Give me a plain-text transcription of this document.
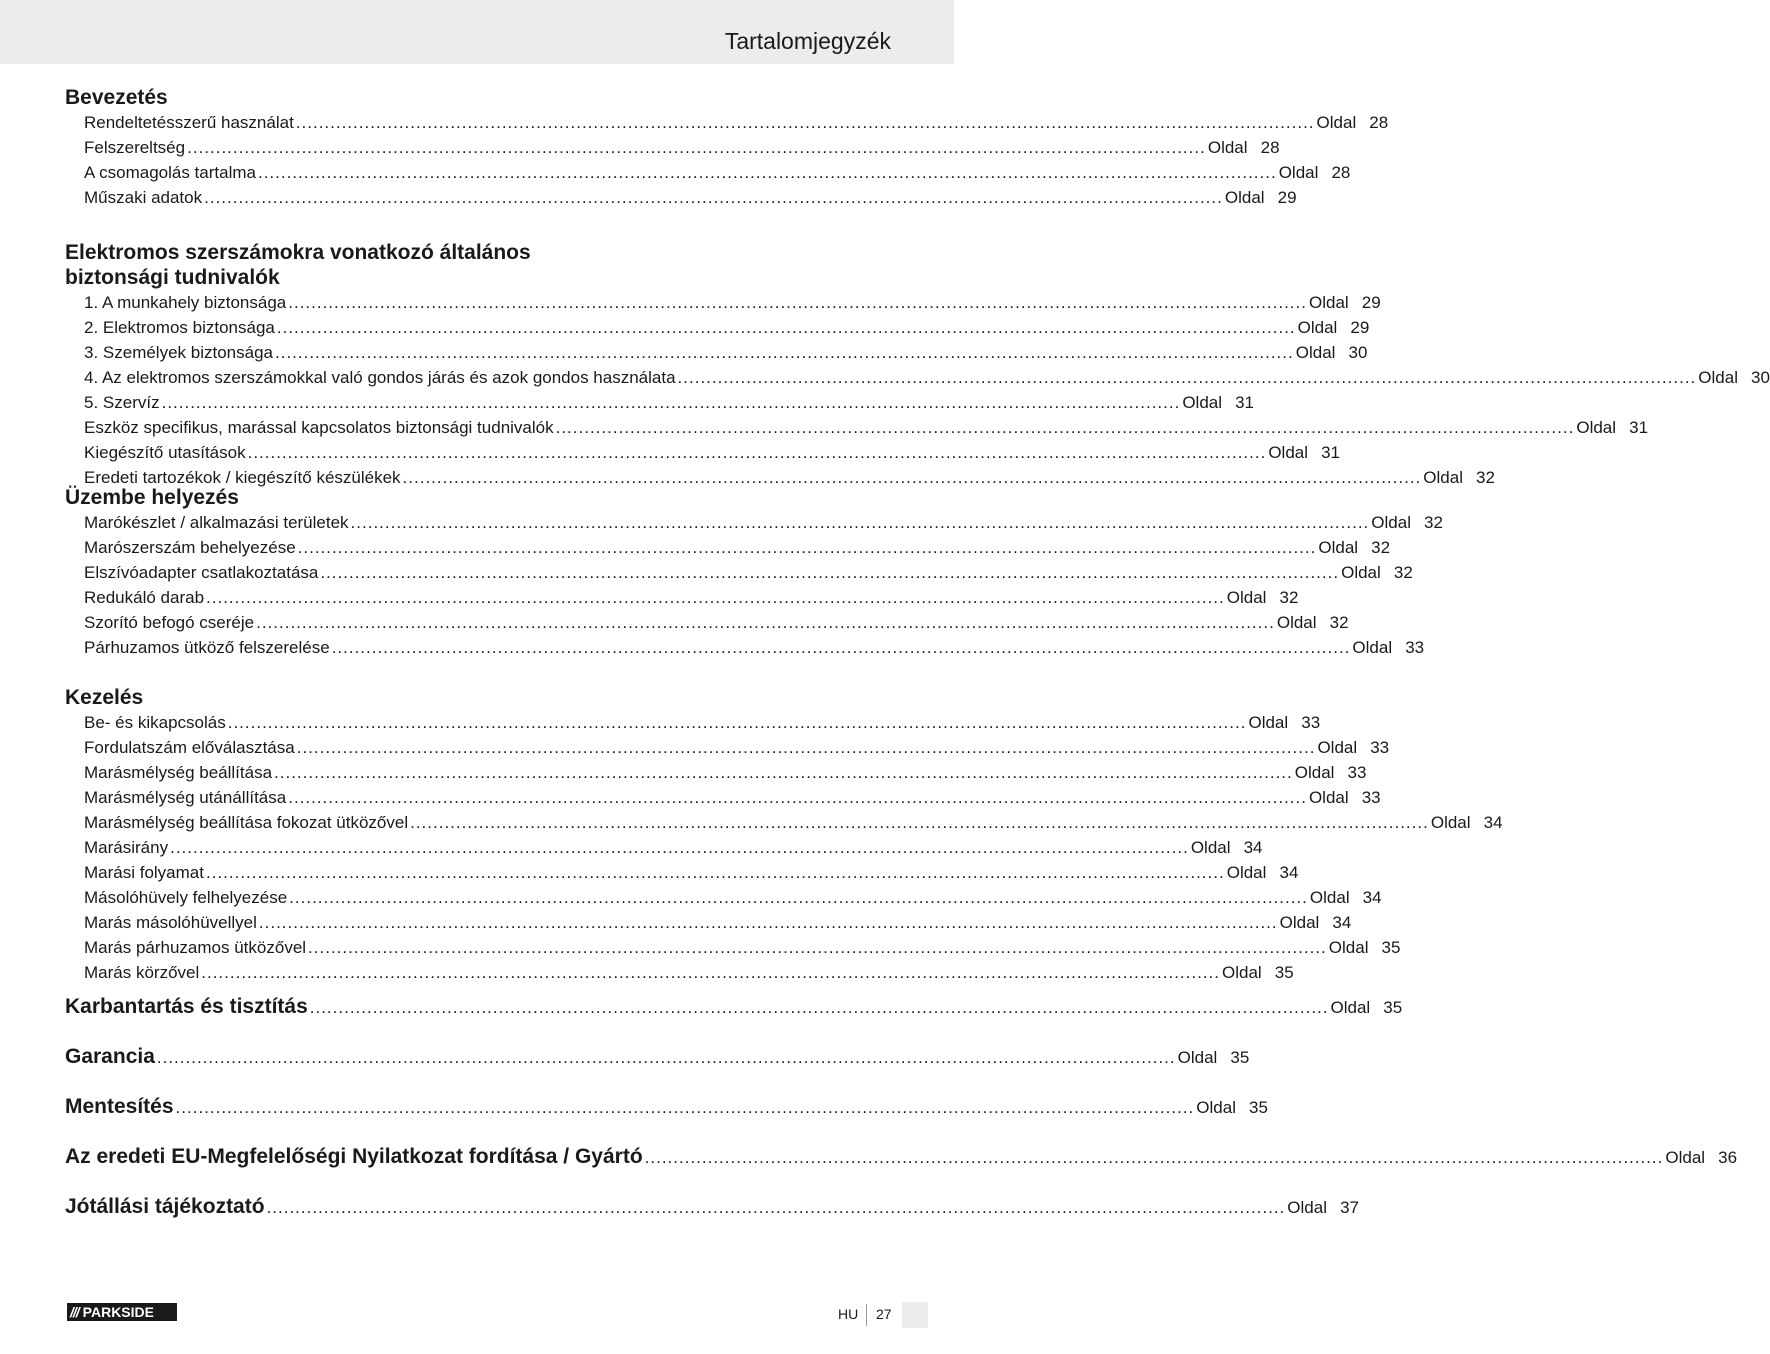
Tartalomjegyzék
Bevezetés
Rendeltetésszerű használat .................................................................................................................................................................................. Oldal 28
Felszereltség .................................................................................................................................................................................. Oldal 28
A csomagolás tartalma .................................................................................................................................................................................. Oldal 28
Műszaki adatok .................................................................................................................................................................................. Oldal 29
Elektromos szerszámokra vonatkozó általános
biztonsági tudnivalók
1. A munkahely biztonsága .................................................................................................................................................................................. Oldal 29
2. Elektromos biztonsága .................................................................................................................................................................................. Oldal 29
3. Személyek biztonsága .................................................................................................................................................................................. Oldal 30
4. Az elektromos szerszámokkal való gondos járás és azok gondos használata .................................................................................................................................................................................. Oldal 30
5. Szervíz .................................................................................................................................................................................. Oldal 31
Eszköz specifikus, marással kapcsolatos biztonsági tudnivalók .................................................................................................................................................................................. Oldal 31
Kiegészítő utasítások .................................................................................................................................................................................. Oldal 31
Eredeti tartozékok / kiegészítő készülékek .................................................................................................................................................................................. Oldal 32
Üzembe helyezés
Marókészlet / alkalmazási területek .................................................................................................................................................................................. Oldal 32
Marószerszám behelyezése .................................................................................................................................................................................. Oldal 32
Elszívóadapter csatlakoztatása .................................................................................................................................................................................. Oldal 32
Redukáló darab .................................................................................................................................................................................. Oldal 32
Szorító befogó cseréje .................................................................................................................................................................................. Oldal 32
Párhuzamos ütköző felszerelése .................................................................................................................................................................................. Oldal 33
Kezelés
Be- és kikapcsolás .................................................................................................................................................................................. Oldal 33
Fordulatszám előválasztása .................................................................................................................................................................................. Oldal 33
Marásmélység beállítása .................................................................................................................................................................................. Oldal 33
Marásmélység utánállítása .................................................................................................................................................................................. Oldal 33
Marásmélység beállítása fokozat ütközővel .................................................................................................................................................................................. Oldal 34
Marásirány .................................................................................................................................................................................. Oldal 34
Marási folyamat .................................................................................................................................................................................. Oldal 34
Másolóhüvely felhelyezése .................................................................................................................................................................................. Oldal 34
Marás másolóhüvellyel .................................................................................................................................................................................. Oldal 34
Marás párhuzamos ütközővel .................................................................................................................................................................................. Oldal 35
Marás körzővel .................................................................................................................................................................................. Oldal 35
Karbantartás és tisztítás .................................................................................................................................................................................. Oldal 35
Garancia .................................................................................................................................................................................. Oldal 35
Mentesítés .................................................................................................................................................................................. Oldal 35
Az eredeti EU-Megfelelőségi Nyilatkozat fordítása / Gyártó .................................................................................................................................................................................. Oldal 36
Jótállási tájékoztató .................................................................................................................................................................................. Oldal 37
/// PARKSIDE	HU 27
